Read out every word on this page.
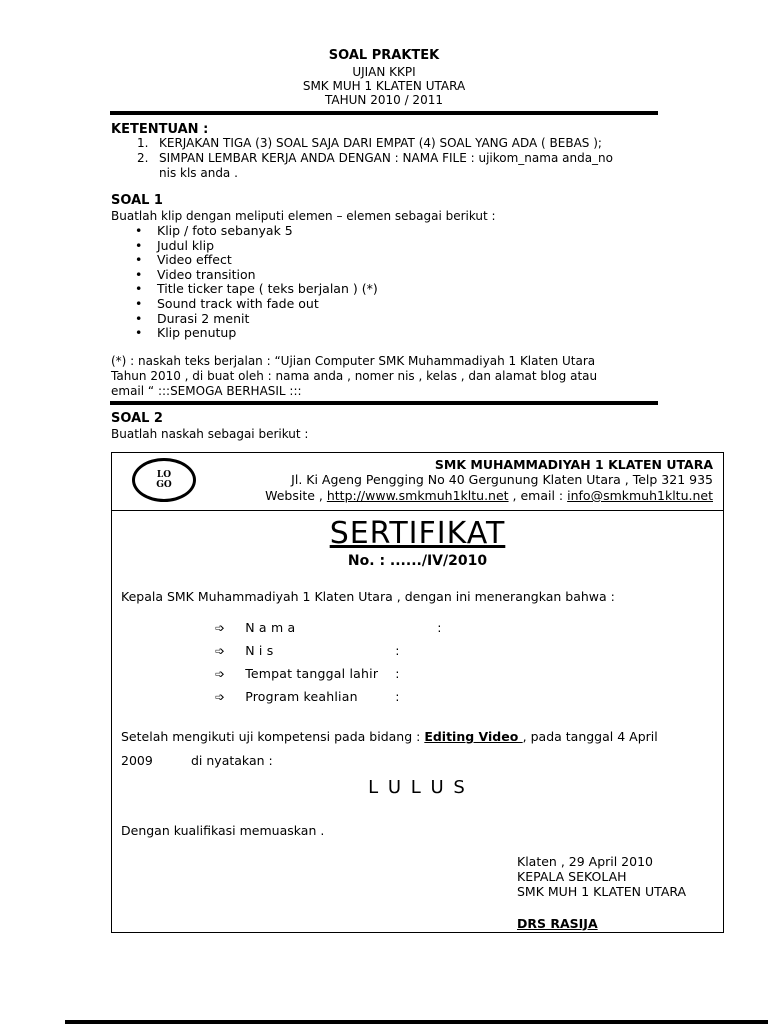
SOAL PRAKTEK
UJIAN KKPI
SMK MUH 1 KLATEN UTARA
TAHUN 2010 / 2011
KETENTUAN :
1. KERJAKAN TIGA (3) SOAL SAJA DARI EMPAT (4) SOAL YANG ADA ( BEBAS );
2. SIMPAN LEMBAR KERJA ANDA DENGAN : NAMA FILE : ujikom_nama anda_no
nis kls anda .
SOAL 1
Buatlah klip dengan meliputi elemen – elemen sebagai berikut :
• Klip / foto sebanyak 5
• Judul klip
• Video effect
• Video transition
• Title ticker tape ( teks berjalan ) (*)
• Sound track with fade out
• Durasi 2 menit
• Klip penutup
(*) : naskah teks berjalan : “Ujian Computer SMK Muhammadiyah 1 Klaten Utara
Tahun 2010 , di buat oleh : nama anda , nomer nis , kelas , dan alamat blog atau
email “ :::SEMOGA BERHASIL :::
SOAL 2
Buatlah naskah sebagai berikut :
LO
GO
SMK MUHAMMADIYAH 1 KLATEN UTARA
Jl. Ki Ageng Pengging No 40 Gergunung Klaten Utara , Telp 321 935
Website , http://www.smkmuh1kltu.net , email : info@smkmuh1kltu.net
SERTIFIKAT
No. : ....../IV/2010
Kepala SMK Muhammadiyah 1 Klaten Utara , dengan ini menerangkan bahwa :
➩ N a m a	:
➩ N i s	:
➩ Tempat tanggal lahir :
➩ Program keahlian	:
Setelah mengikuti uji kompetensi pada bidang : Editing Video , pada tanggal 4 April
2009	di nyatakan :
L U L U S
Dengan kualifikasi memuaskan .
Klaten , 29 April 2010
KEPALA SEKOLAH
SMK MUH 1 KLATEN UTARA
DRS RASIJA
